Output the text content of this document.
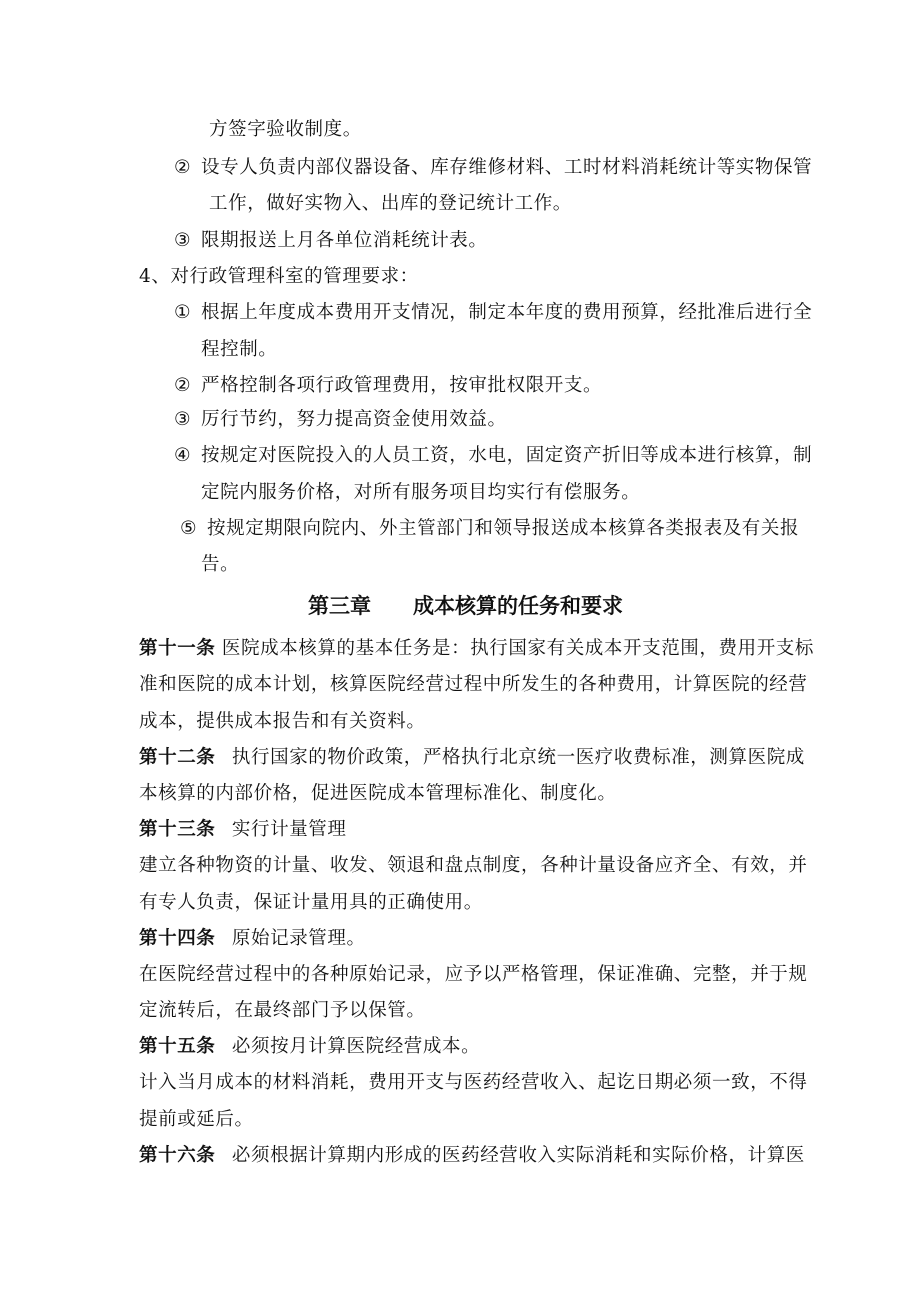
方签字验收制度。
② 设专人负责内部仪器设备、库存维修材料、工时材料消耗统计等实物保管
工作，做好实物入、出库的登记统计工作。
③ 限期报送上月各单位消耗统计表。
4、对行政管理科室的管理要求：
① 根据上年度成本费用开支情况，制定本年度的费用预算，经批准后进行全
程控制。
② 严格控制各项行政管理费用，按审批权限开支。
③ 厉行节约，努力提高资金使用效益。
④ 按规定对医院投入的人员工资，水电，固定资产折旧等成本进行核算，制
定院内服务价格，对所有服务项目均实行有偿服务。
⑤ 按规定期限向院内、外主管部门和领导报送成本核算各类报表及有关报
告。
第三章 成本核算的任务和要求
第十一条 医院成本核算的基本任务是：执行国家有关成本开支范围，费用开支标
准和医院的成本计划，核算医院经营过程中所发生的各种费用，计算医院的经营
成本，提供成本报告和有关资料。
第十二条 执行国家的物价政策，严格执行北京统一医疗收费标准，测算医院成
本核算的内部价格，促进医院成本管理标准化、制度化。
第十三条 实行计量管理
建立各种物资的计量、收发、领退和盘点制度，各种计量设备应齐全、有效，并
有专人负责，保证计量用具的正确使用。
第十四条 原始记录管理。
在医院经营过程中的各种原始记录，应予以严格管理，保证准确、完整，并于规
定流转后，在最终部门予以保管。
第十五条 必须按月计算医院经营成本。
计入当月成本的材料消耗，费用开支与医药经营收入、起讫日期必须一致，不得
提前或延后。
第十六条 必须根据计算期内形成的医药经营收入实际消耗和实际价格，计算医
